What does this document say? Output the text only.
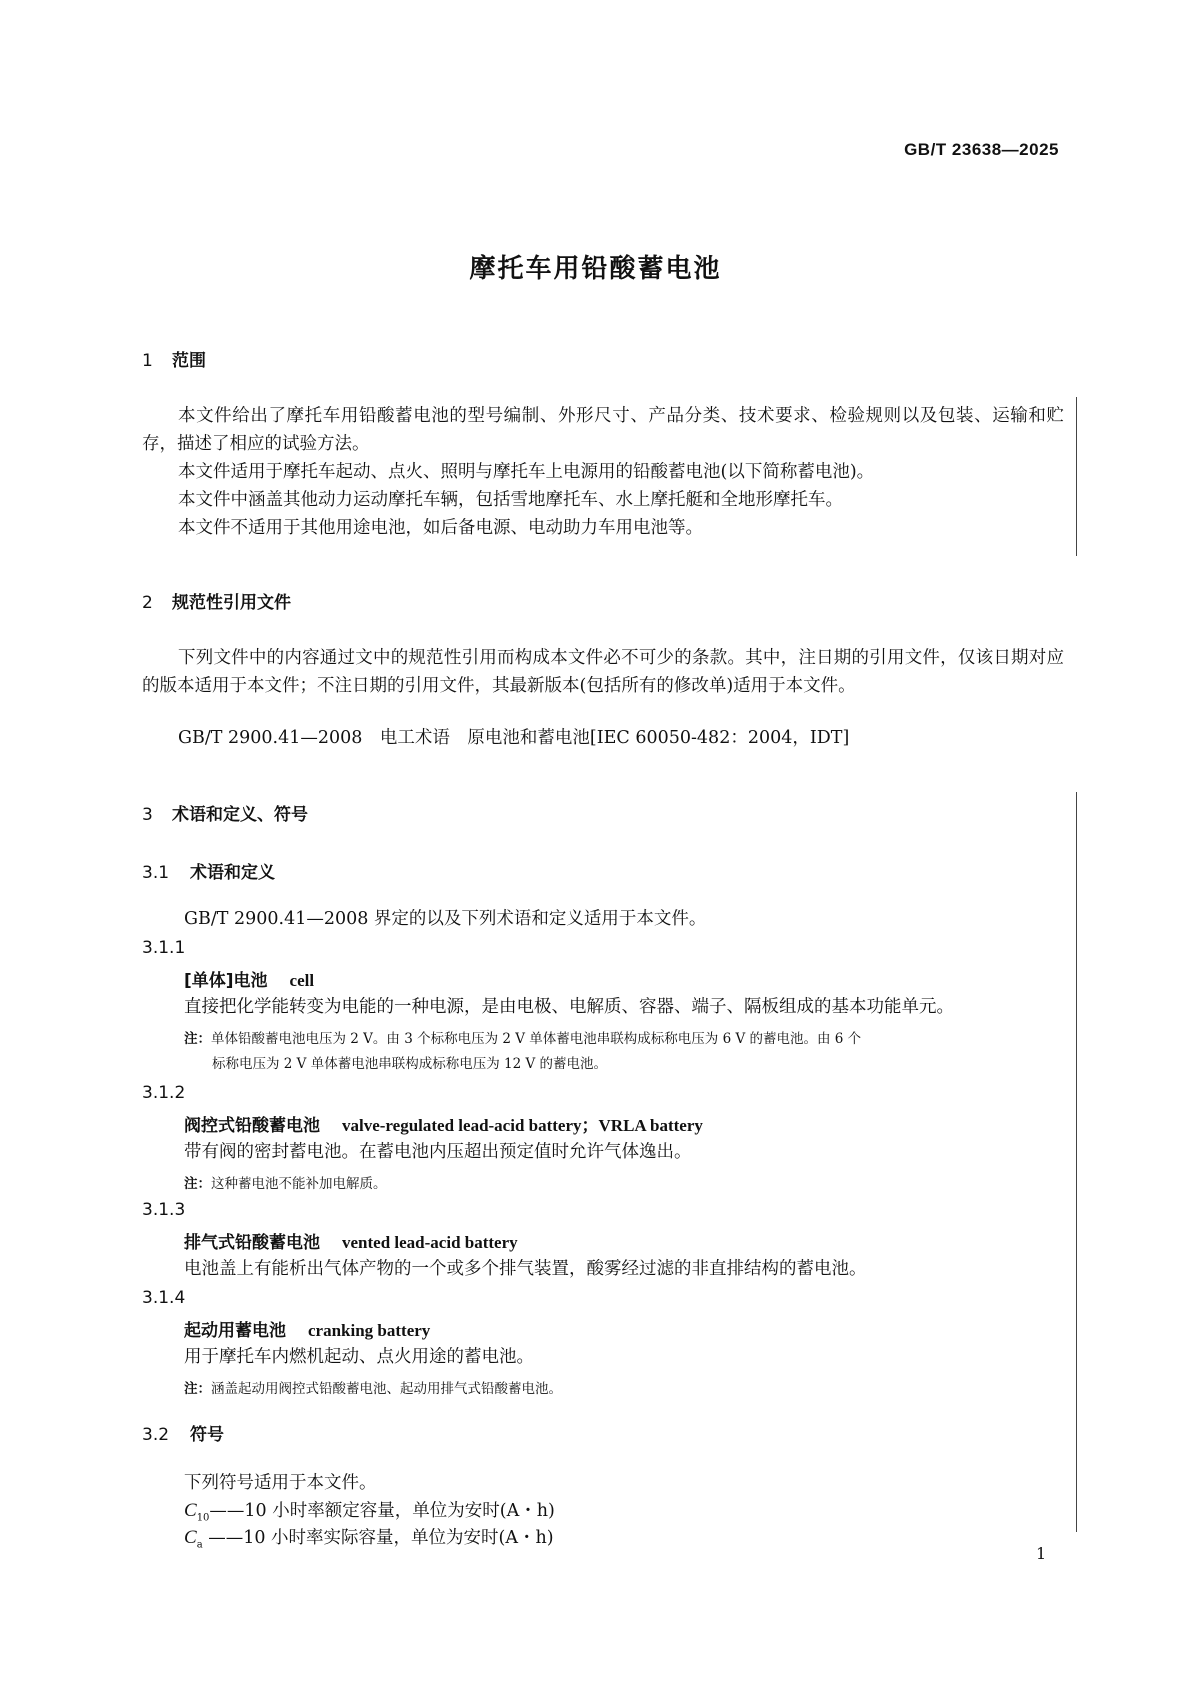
GB/T 23638—2025
摩托车用铅酸蓄电池
1 范围
本文件给出了摩托车用铅酸蓄电池的型号编制、外形尺寸、产品分类、技术要求、检验规则以及包装、运输和贮存，描述了相应的试验方法。
本文件适用于摩托车起动、点火、照明与摩托车上电源用的铅酸蓄电池(以下简称蓄电池)。
本文件中涵盖其他动力运动摩托车辆，包括雪地摩托车、水上摩托艇和全地形摩托车。
本文件不适用于其他用途电池，如后备电源、电动助力车用电池等。
2 规范性引用文件
下列文件中的内容通过文中的规范性引用而构成本文件必不可少的条款。其中，注日期的引用文件，仅该日期对应的版本适用于本文件；不注日期的引用文件，其最新版本(包括所有的修改单)适用于本文件。
GB/T 2900.41—2008　电工术语　原电池和蓄电池[IEC 60050-482：2004，IDT]
3 术语和定义、符号
3.1 术语和定义
GB/T 2900.41—2008 界定的以及下列术语和定义适用于本文件。
3.1.1
[单体]电池 cell
直接把化学能转变为电能的一种电源，是由电极、电解质、容器、端子、隔板组成的基本功能单元。
注：单体铅酸蓄电池电压为 2 V。由 3 个标称电压为 2 V 单体蓄电池串联构成标称电压为 6 V 的蓄电池。由 6 个
标称电压为 2 V 单体蓄电池串联构成标称电压为 12 V 的蓄电池。
3.1.2
阀控式铅酸蓄电池 valve-regulated lead-acid battery；VRLA battery
带有阀的密封蓄电池。在蓄电池内压超出预定值时允许气体逸出。
注：这种蓄电池不能补加电解质。
3.1.3
排气式铅酸蓄电池 vented lead-acid battery
电池盖上有能析出气体产物的一个或多个排气装置，酸雾经过滤的非直排结构的蓄电池。
3.1.4
起动用蓄电池 cranking battery
用于摩托车内燃机起动、点火用途的蓄电池。
注：涵盖起动用阀控式铅酸蓄电池、起动用排气式铅酸蓄电池。
3.2 符号
下列符号适用于本文件。
$C_{10}——10$ 小时率额定容量，单位为安时(A・h)
$C_a$ ——10 小时率实际容量，单位为安时(A・h)
1
